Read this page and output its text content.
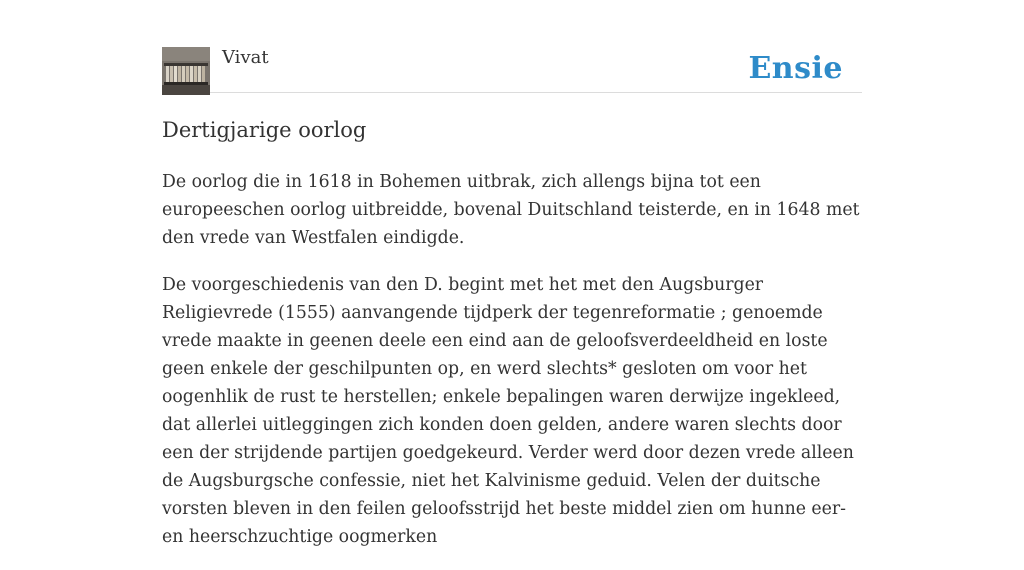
Vivat	Ensie
Dertigjarige oorlog

De oorlog die in 1618 in Bohemen uitbrak, zich allengs bijna tot een europeeschen oorlog uitbreidde, bovenal Duitschland teisterde, en in 1648 met den vrede van Westfalen eindigde.

De voorgeschiedenis van den D. begint met het met den Augsburger Religievrede (1555) aanvangende tijdperk der tegenreformatie ; genoemde vrede maakte in geenen deele een eind aan de geloofsverdeeldheid en loste geen enkele der geschilpunten op, en werd slechts* gesloten om voor het oogenhlik de rust te herstellen; enkele bepalingen waren derwijze ingekleed, dat allerlei uitleggingen zich konden doen gelden, andere waren slechts door een der strijdende partijen goedgekeurd. Verder werd door dezen vrede alleen de Augsburgsche confessie, niet het Kalvinisme geduid. Velen der duitsche vorsten bleven in den feilen geloofsstrijd het beste middel zien om hunne eer- en heerschzuchtige oogmerken
